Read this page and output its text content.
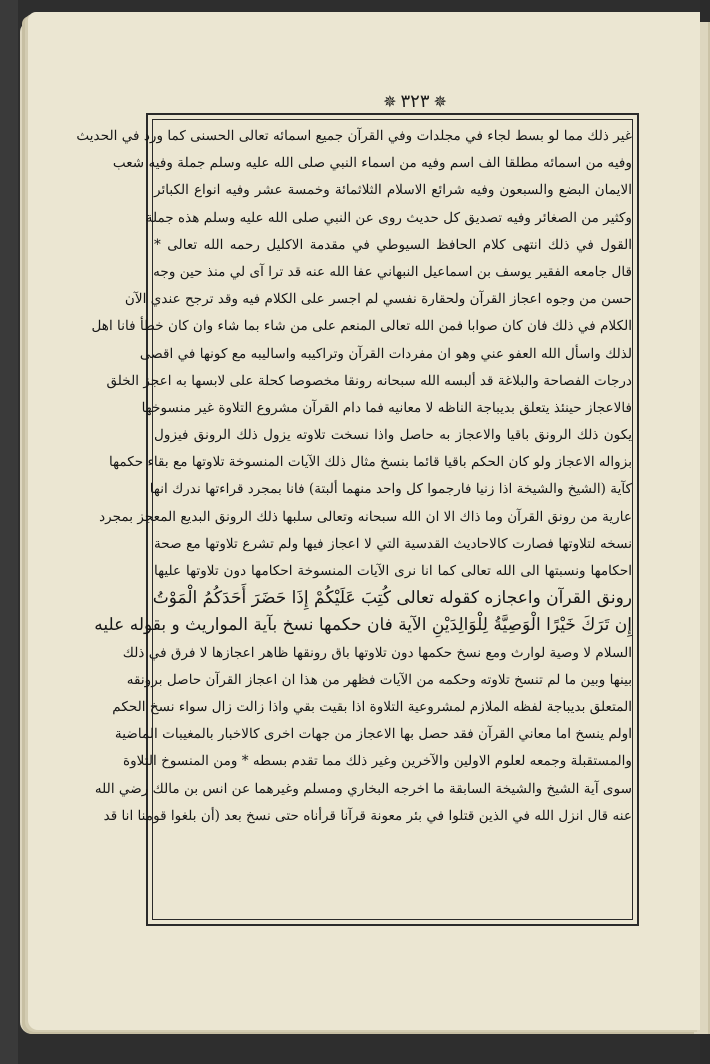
✵
٣٢٣
✵
غير ذلك مما لو بسط لجاء في مجلدات وفي القرآن جميع اسمائه تعالى الحسنى كما ورد في الحديث
وفيه من اسمائه مطلقا الف اسم وفيه من اسماء النبي صلى الله عليه وسلم جملة وفيه شعب
الايمان البضع والسبعون وفيه شرائع الاسلام الثلاثمائة وخمسة عشر وفيه انواع الكبائر
وكثير من الصغائر وفيه تصديق كل حديث روى عن النبي صلى الله عليه وسلم هذه جملة
القول في ذلك انتهى كلام الحافظ السيوطي في مقدمة الاكليل رحمه الله تعالى *
قال جامعه الفقير يوسف بن اسماعيل النبهاني عفا الله عنه قد ترا آى لي منذ حين وجه
حسن من وجوه اعجاز القرآن ولحقارة نفسي لم اجسر على الكلام فيه وقد ترجح عندي الآن
الكلام في ذلك فان كان صوابا فمن الله تعالى المنعم على من شاء بما شاء وان كان خطأ فانا اهل
لذلك واسأل الله العفو عني وهو ان مفردات القرآن وتراكيبه واساليبه مع كونها في اقصى
درجات الفصاحة والبلاغة قد ألبسه الله سبحانه رونقا مخصوصا كحلة على لابسها به اعجز الخلق
فالاعجاز حينئذ يتعلق بديباجة الناظه لا معانيه فما دام القرآن مشروع التلاوة غير منسوخها
يكون ذلك الرونق باقيا والاعجاز به حاصل واذا نسخت تلاوته يزول ذلك الرونق فيزول
بزواله الاعجاز ولو كان الحكم باقيا قائما بنسخ مثال ذلك الآيات المنسوخة تلاوتها مع بقاء حكمها
كآية (الشيخ والشيخة اذا زنيا فارجموا كل واحد منهما ألبتة) فانا بمجرد قراءتها ندرك انها
عارية من رونق القرآن وما ذاك الا ان الله سبحانه وتعالى سلبها ذلك الرونق البديع المعجز بمجرد
نسخه لتلاوتها فصارت كالاحاديث القدسية التي لا اعجاز فيها ولم تشرع تلاوتها مع صحة
احكامها ونسبتها الى الله تعالى كما انا نرى الآيات المنسوخة احكامها دون تلاوتها عليها
رونق القرآن واعجازه كقوله تعالى كُتِبَ عَلَيْكُمْ إِذَا حَضَرَ أَحَدَكُمُ الْمَوْتُ
إِن تَرَكَ خَيْرًا الْوَصِيَّةُ لِلْوَالِدَيْنِ الآية فان حكمها نسخ بآية المواريث و بقوله عليه
السلام لا وصية لوارث ومع نسخ حكمها دون تلاوتها باق رونقها ظاهر اعجازها لا فرق في ذلك
بينها وبين ما لم تنسخ تلاوته وحكمه من الآيات فظهر من هذا ان اعجاز القرآن حاصل برونقه
المتعلق بديباجة لفظه الملازم لمشروعية التلاوة اذا بقيت بقي واذا زالت زال سواء نسخ الحكم
اولم ينسخ اما معاني القرآن فقد حصل بها الاعجاز من جهات اخرى كالاخبار بالمغيبات الماضية
والمستقبلة وجمعه لعلوم الاولين والآخرين وغير ذلك مما تقدم بسطه * ومن المنسوخ التلاوة
سوى آية الشيخ والشيخة السابقة ما اخرجه البخاري ومسلم وغيرهما عن انس بن مالك رضي الله
عنه قال انزل الله في الذين قتلوا في بئر معونة قرآنا قرأناه حتى نسخ بعد (أن بلغوا قومنا انا قد
